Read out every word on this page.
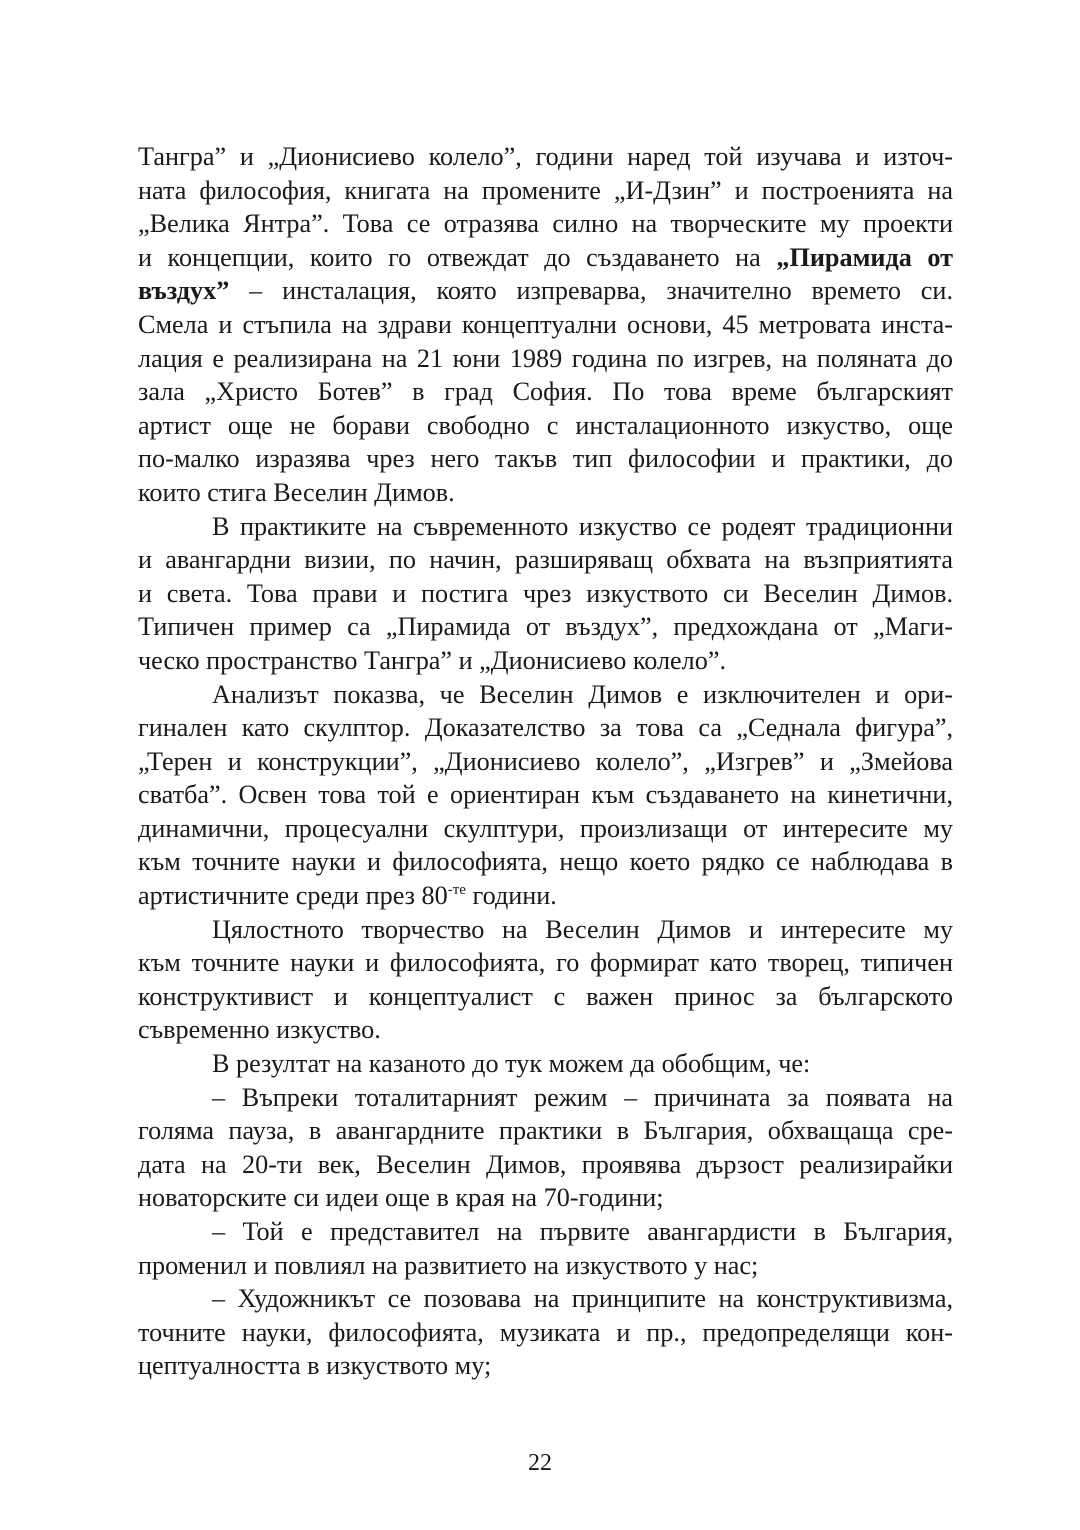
Тангра” и „Дионисиево колело”, години наред той изучава и източ-
ната философия, книгата на промените „И-Дзин” и построенията на
„Велика Янтра”. Това се отразява силно на творческите му проекти
и концепции, които го отвеждат до създаването на „Пирамида от
въздух” – инсталация, която изпреварва, значително времето си.
Смела и стъпила на здрави концептуални основи, 45 метровата инста-
лация е реализирана на 21 юни 1989 година по изгрев, на поляната до
зала „Христо Ботев” в град София. По това време българският
артист още не борави свободно с инсталационното изкуство, още
по-малко изразява чрез него такъв тип философии и практики, до
които стига Веселин Димов.
В практиките на съвременното изкуство се родеят традиционни
и авангардни визии, по начин, разширяващ обхвата на възприятията
и света. Това прави и постига чрез изкуството си Веселин Димов.
Типичен пример са „Пирамида от въздух”, предхождана от „Маги-
ческо пространство Тангра” и „Дионисиево колело”.
Анализът показва, че Веселин Димов е изключителен и ори-
гинален като скулптор. Доказателство за това са „Седнала фигура”,
„Терен и конструкции”, „Дионисиево колело”, „Изгрев” и „Змейова
сватба”. Освен това той е ориентиран към създаването на кинетични,
динамични, процесуални скулптури, произлизащи от интересите му
към точните науки и философията, нещо което рядко се наблюдава в
артистичните среди през $80^{-те}$ години.
Цялостното творчество на Веселин Димов и интересите му
към точните науки и философията, го формират като творец, типичен
конструктивист и концептуалист с важен принос за българското
съвременно изкуство.
В резултат на казаното до тук можем да обобщим, че:
– Въпреки тоталитарният режим – причината за появата на
голяма пауза, в авангардните практики в България, обхващаща сре-
дата на 20-ти век, Веселин Димов, проявява дързост реализирайки
новаторските си идеи още в края на 70-години;
– Той е представител на първите авангардисти в България,
променил и повлиял на развитието на изкуството у нас;
– Художникът се позовава на принципите на конструктивизма,
точните науки, философията, музиката и пр., предопределящи кон-
цептуалността в изкуството му;
22
